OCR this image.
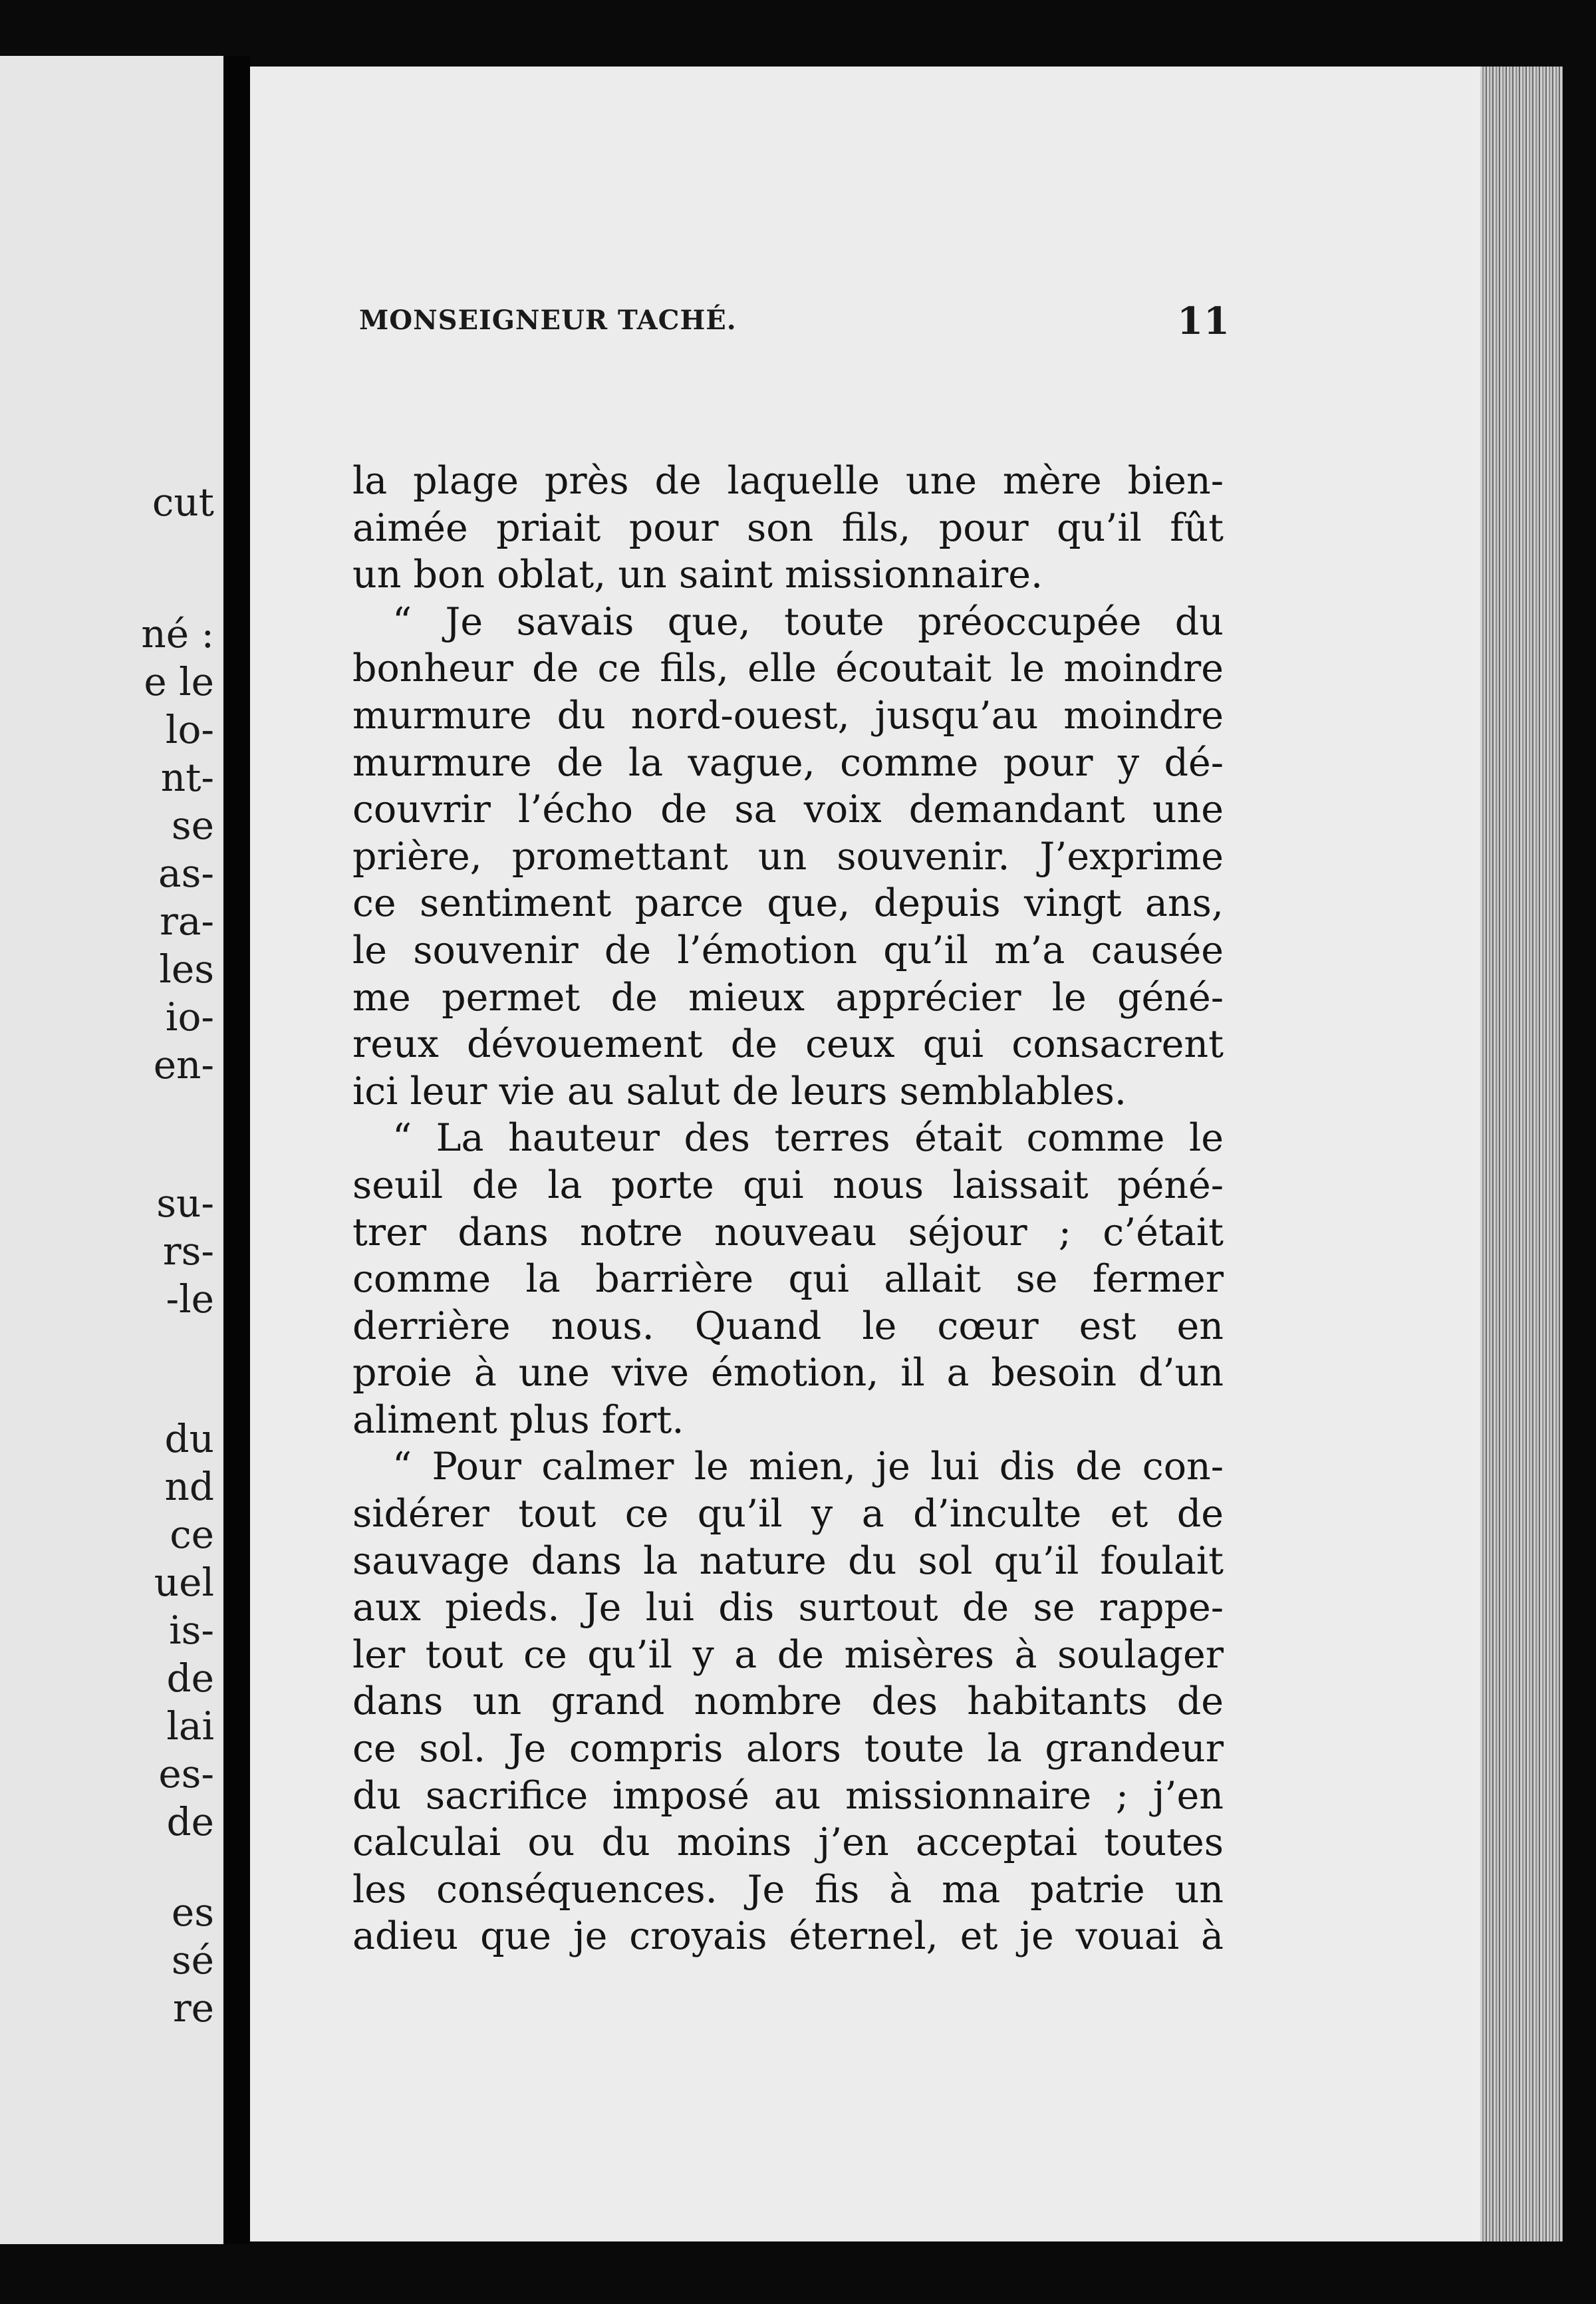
cut
né :
e le
lo-
nt-
se
as-
ra-
les
io-
en-
su-
rs-
-le
du
nd
ce
uel
is-
de
lai
es-
de
es
sé
re
MONSEIGNEUR TACHÉ.	11
la plage près de laquelle une mère bien-
aimée priait pour son fils, pour qu’il fût
un bon oblat, un saint missionnaire.
“ Je savais que, toute préoccupée du
bonheur de ce fils, elle écoutait le moindre
murmure du nord-ouest, jusqu’au moindre
murmure de la vague, comme pour y dé-
couvrir l’écho de sa voix demandant une
prière, promettant un souvenir. J’exprime
ce sentiment parce que, depuis vingt ans,
le souvenir de l’émotion qu’il m’a causée
me permet de mieux apprécier le géné-
reux dévouement de ceux qui consacrent
ici leur vie au salut de leurs semblables.
“ La hauteur des terres était comme le
seuil de la porte qui nous laissait péné-
trer dans notre nouveau séjour ; c’était
comme la barrière qui allait se fermer
derrière nous. Quand le cœur est en
proie à une vive émotion, il a besoin d’un
aliment plus fort.
“ Pour calmer le mien, je lui dis de con-
sidérer tout ce qu’il y a d’inculte et de
sauvage dans la nature du sol qu’il foulait
aux pieds. Je lui dis surtout de se rappe-
ler tout ce qu’il y a de misères à soulager
dans un grand nombre des habitants de
ce sol. Je compris alors toute la grandeur
du sacrifice imposé au missionnaire ; j’en
calculai ou du moins j’en acceptai toutes
les conséquences. Je fis à ma patrie un
adieu que je croyais éternel, et je vouai à
